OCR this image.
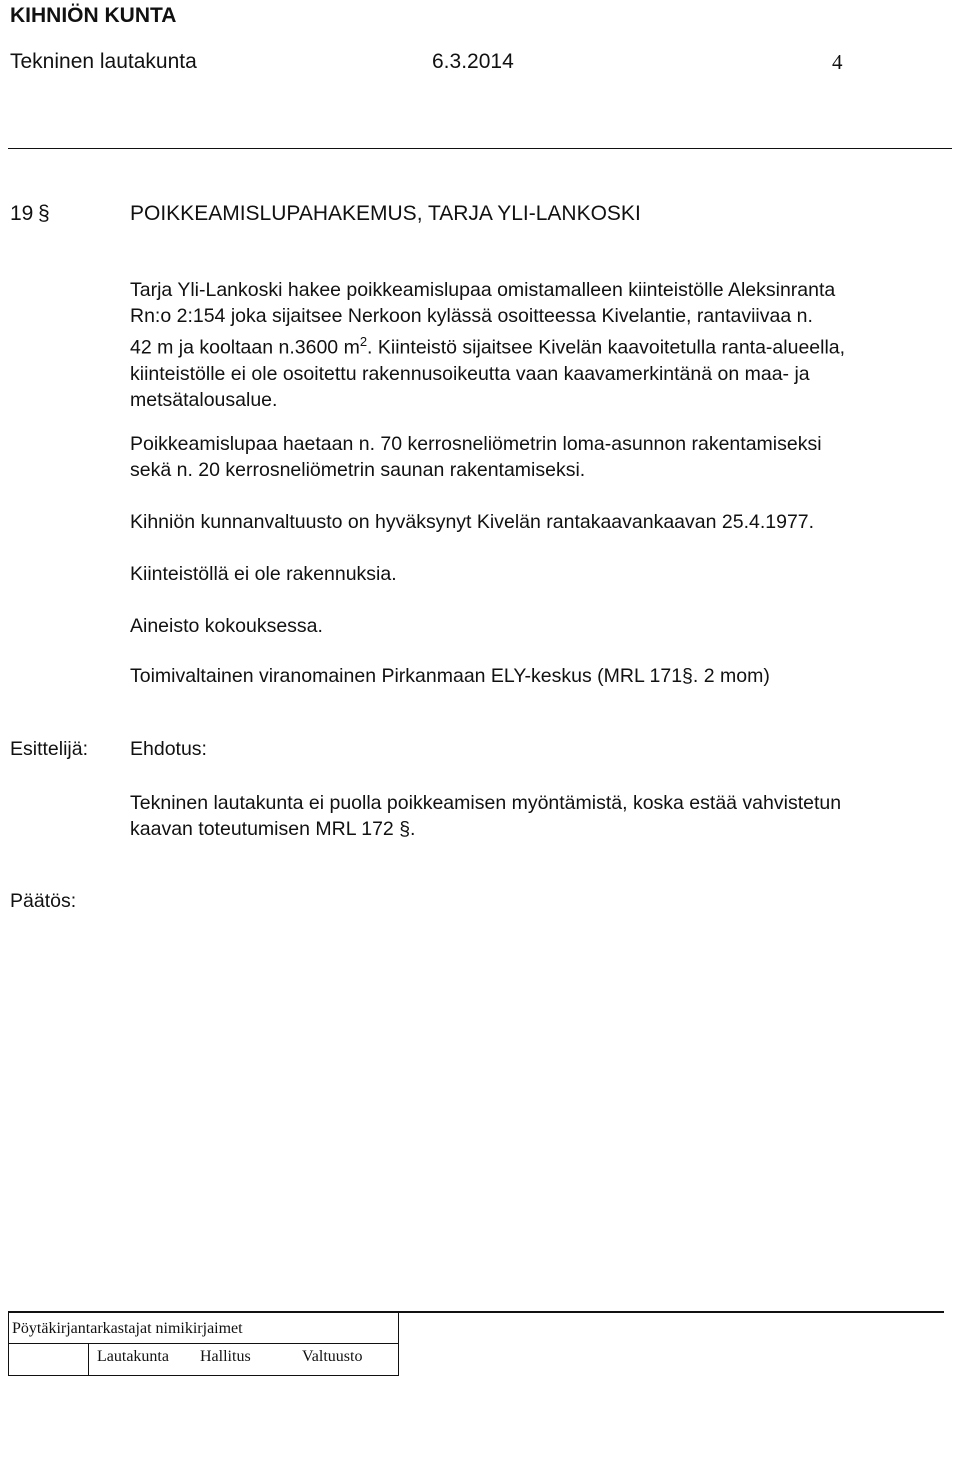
KIHNIÖN KUNTA
Tekninen lautakunta	6.3.2014	4
19 §	POIKKEAMISLUPAHAKEMUS, TARJA YLI-LANKOSKI
Tarja Yli-Lankoski hakee poikkeamislupaa omistamalleen kiinteistölle Aleksinranta
Rn:o 2:154 joka sijaitsee Nerkoon kylässä osoitteessa Kivelantie, rantaviivaa n.
42 m ja kooltaan n.3600 $m^2$. Kiinteistö sijaitsee Kivelän kaavoitetulla ranta-alueella,
kiinteistölle ei ole osoitettu rakennusoikeutta vaan kaavamerkintänä on maa- ja
metsätalousalue.
Poikkeamislupaa haetaan n. 70 kerrosneliömetrin loma-asunnon rakentamiseksi
sekä n. 20 kerrosneliömetrin saunan rakentamiseksi.
Kihniön kunnanvaltuusto on hyväksynyt Kivelän rantakaavankaavan 25.4.1977.
Kiinteistöllä ei ole rakennuksia.
Aineisto kokouksessa.
Toimivaltainen viranomainen Pirkanmaan ELY-keskus (MRL 171§. 2 mom)
Esittelijä: Ehdotus:
Tekninen lautakunta ei puolla poikkeamisen myöntämistä, koska estää vahvistetun
kaavan toteutumisen MRL 172 §.
Päätös:
Pöytäkirjantarkastajat nimikirjaimet
Lautakunta Hallitus	Valtuusto
